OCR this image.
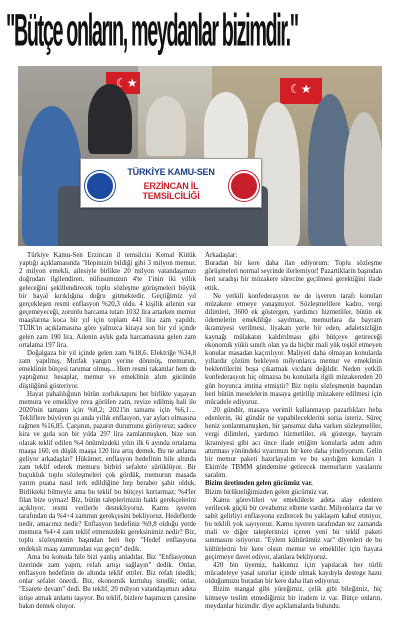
"Bütçe onların, meydanlar bizimdir."
☾★
☾★
TÜRKİYE KAMU-SEN
ERZİNCAN İL TEMSİLCİLİĞİ

Türkiye Kamu-Sen Erzincan il temsilcisi Kemal Kütük yaptığı açıklamasında "Hepinizin bildiği gibi 3 milyon memur, 2 milyon emekli, ailesiyle birlikte 20 milyon vatandaşımızı doğrudan ilgilendiren, nüfusumuzun 4'te 1'inin iki yıllık geleceğini şekillendirecek toplu sözleşme görüşmeleri büyük bir hayal kırıklığına doğru gitmektedir. Geçtiğimiz yıl gerçekleşen resmi enflasyon %20,3 oldu. 4 kişilik ailenin var geçemeyeceği, zorunlu harcama tutarı 1032 lira artarken memur maaşlarına koca bir yıl için toplam 441 lira zam yapıldı. TÜİK'in açıklamasına göre yalnızca kiraya son bir yıl içinde gelen zam 190 lira. Ailenin aylık gıda harcamasına gelen zam ortalama 197 lira.

Doğalgaza bir yıl içinde gelen zam %18,6. Elektriğe %34,8 zam yapılmış. Mutfak yangın yerine dönmüş, memurun, emeklinin bütçesi tarumar olmuş... Hem resmi rakamlar hem de yaptığımız hesaplar, memur ve emeklinin alım gücünün düştüğünü gösteriyor.

Hayat pahalılığının bütün zorlukларını her birlikte yaşayan memura ve emekliye reva görülen zam, revize edilmiş hali ile 2020'nin tamamı için %8,2; 2021'in tamamı için %6,1… Tekliflere büyüyen şu anda yıllık enflasyon, yar ayları olmasına rağmen %16,85. Çarşının, pazarın durumunu görüyoruz; sadece kira ve gıda son bir yılda 297 lira zamlanmışken, bize son olarak teklif edilen %4 önümüzdeki yılın ilk 6 ayında ortalama maaşa 160, en düşük maaşa 120 lira artış demek. Bu ne anlama geliyor arkadaşlar? Hükümet, enflasyon hedefinin bile altında zam teklif ederek memuru birbiri sefalete sürüklüyor. Bir buçukluk toplu sözleşmeleri çok gördük, memurun masada yarım puana nasıl terk edildiğine hep beraber şahit olduk. Birlikteki bilmeyiz ama bu teklif bu bütçeyi kurtarmaz; %4'ler filan bize uymaz! Biz, bütün taleplerimizin haklı gerekçelerini açıklıyor, resmi verilerle destekliyoruz. Kamu işveren tarafından da %4+4 zammın gerekçesini bekliyoruz. Hedeflerde nedir, amacınız nedir? Enflasyon hedefiniz %9,8 olduğu yerde memura %4+4 zam teklif etmenizdeki gereksinimiz nedir? Biz, toplu sözleşmenin başından beri hep "Hedef enflasyona endeksli maaş zammından vaz geçin" dedik.

Ama bu konuda hile bizi yanlış anladılar. Biz "Enflasyonun üzerinde zam yapın, refah artışı sağlayın" dedik. Onlar, enflasyon hedefinin de altında teklif ettiler. Biz refah istedik; onlar sefalet önerdi. Biz, ekonomik kurtuluş istedik; onlar, "Esarete devam" dedi. Bu teklif, 20 milyon vatandaşımızı adeta istişe atmak anlamı taşıyor. Bu teklif, bizlere başımızın çaresine bakın demek oluyor.

Arkadaşlar;

Buradan bir kere daha ilan ediyorum: Toplu sözleşme görüşmeleri normal seyrinde ilerlemiyor! Pazartiklarin başından beri sıradışı bir müzakere sürecine geçilmesi gerektiğini ifade ettik.

Ne yetkili konfederasyon ne de işveren tarafı konulan müzakere etmeye yanaşmıyor. Sözleşmelilere kadro, vergi dilimleri, 3600 ek göstergen, yardımcı hizmetliler, bütün ek ödemelerin emekliliğe sayılması, memurlara da bayram ikramiyesi verilmesi, liyakatı yerle bir eden, adaletsizliğin kaynağı mülakatın kaldırılması gibi bütçeye getireceği ekonomik yükü sınırlı olan ya da hiçbir mali yük teşkil etmeyen konular masadan kaçırılıyor. Maliyeti daha olmayan konularda yıllardır çözüm bekleyen milyonlarca memur ve emeklinin beklentilerini boşa çıkarmak vicdani değildir. Neden yetkili konfederasyon hiç olmazsa bu konularla ilgili müzakereden 20 gün boyunca imtina etmiştir? Biz toplu sözleşmenin başından beri bütün meselelerin masaya getirilip müzakere edilmesi için mücadele ediyoruz.

20 gündür, masaya verimli kullanmayıp pazarlıkları heba edenlerin, iki gündür ne yapabileceklerini sorsa isteriz. Süreç heniz sonlanmamışken, bir şansımız daha varken sözleşmeliler, vergi dilimleri, yardımcı hizmetliler, ek gösterge, bayram ikramiyesi gibi acı önce ifade ettiğim konularla adım adım attırması yönündeki uyarımızı bir kere daha yineliyorum. Gelin bir memur paketi hazırlayalım ve bu sayılığım konuları 1 Ekim'de TBMM gündemine getirecek memurların yaralarını saralım.

Bizim üretimden gelen gücümüz var.

Bizim birlikteliğimizden gelen gücümüz var.

Kamu görevlileri ve emeklilerle adeta alay edenlere verilecek güçlü bir cevabımız elbette vardır. Milyonlarca dar ve sabit gelirliyi enflasyona ezdirecek bu yaklaşım kabul etmiyor, bu teklifi yok sayıyoruz. Kamu işveren tarafından tez zamanda mali ve diğer taleplerimizi içeren yeni bir teklif paketi sunmasını istiyoruz. "Eylem kültürümüz var" diyenleri de bu kültürlerini bir kere olsun memur ve emekliler için hayata geçirmeye davet ediyor, alanlara bekliyoruz.

420 bin üyemiz, hakkımız için yapılacak her türlü mücadeleye yasal sınırlar içinde olmak kaydıyla destege hazır olduğumuzu buradan bir kere daha ilan ediyoruz.

Bizim mangal gibi yüreğimiz, çelik gibi bileğimiz, hiç kimseye teslim etmediğimiz bir iradem iz var. Bütçe onların, meydanlar bizimdir. diye açıklamalarda bulundu.
